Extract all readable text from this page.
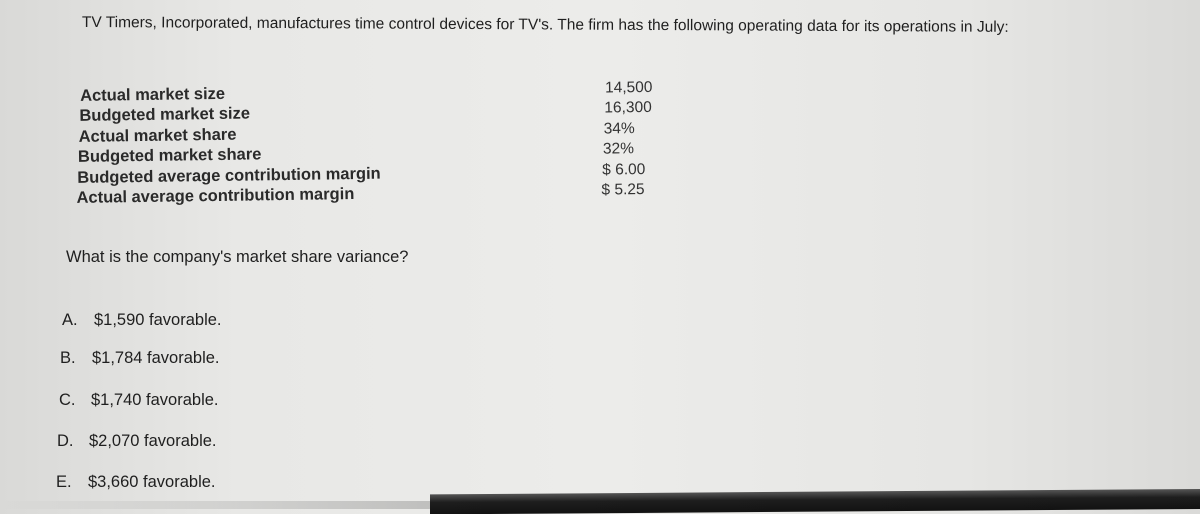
TV Timers, Incorporated, manufactures time control devices for TV's. The firm has the following operating data for its operations in July:
Actual market size	14,500
Budgeted market size	16,300
Actual market share	34%
Budgeted market share	32%
Budgeted average contribution margin	$ 6.00
Actual average contribution margin	$ 5.25
What is the company's market share variance?
A. $1,590 favorable.
B. $1,784 favorable.
C. $1,740 favorable.
D. $2,070 favorable.
E. $3,660 favorable.
